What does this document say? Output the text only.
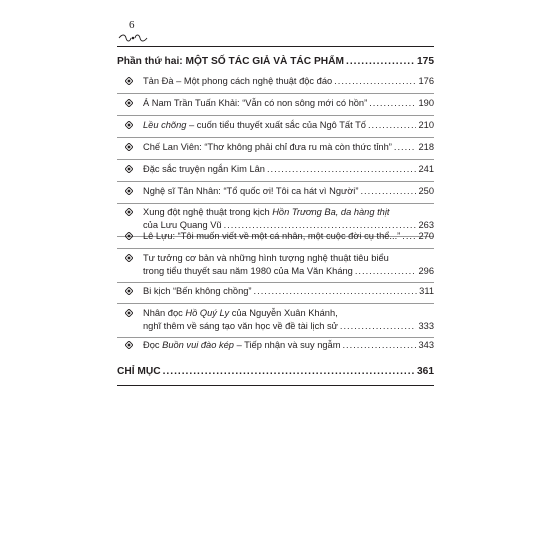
6
Phần thứ hai: MỘT SỐ TÁC GIẢ VÀ TÁC PHẨM .....	175
Tản Đà – Một phong cách nghệ thuật độc đáo .....	176
Á Nam Trần Tuấn Khải: “Vẫn có non sông mới có hồn” .....	190
Lều chõng – cuốn tiểu thuyết xuất sắc của Ngô Tất Tố .....	210
Chế Lan Viên: “Thơ không phải chỉ đưa ru mà còn thức tỉnh” .....	218
Đặc sắc truyện ngắn Kim Lân .....	241
Nghệ sĩ Tân Nhân: “Tổ quốc ơi! Tôi ca hát vì Người” .....	250
Xung đột nghệ thuật trong kịch Hồn Trương Ba, da hàng thịt
của Lưu Quang Vũ .....	263
Lê Lựu: “Tôi muốn viết về một cá nhân, một cuộc đời cụ thể...” ..... 270
Tư tưởng cơ bản và những hình tượng nghệ thuật tiêu biểu
trong tiểu thuyết sau năm 1980 của Ma Văn Kháng .....	296
Bi kịch “Bến không chồng” .....	311
Nhân đọc Hồ Quý Ly của Nguyễn Xuân Khánh,
nghĩ thêm về sáng tạo văn học về đề tài lịch sử .....	333
Đọc Buồn vui đào kép – Tiếp nhận và suy ngẫm .....	343
CHỈ MỤC .....	361
